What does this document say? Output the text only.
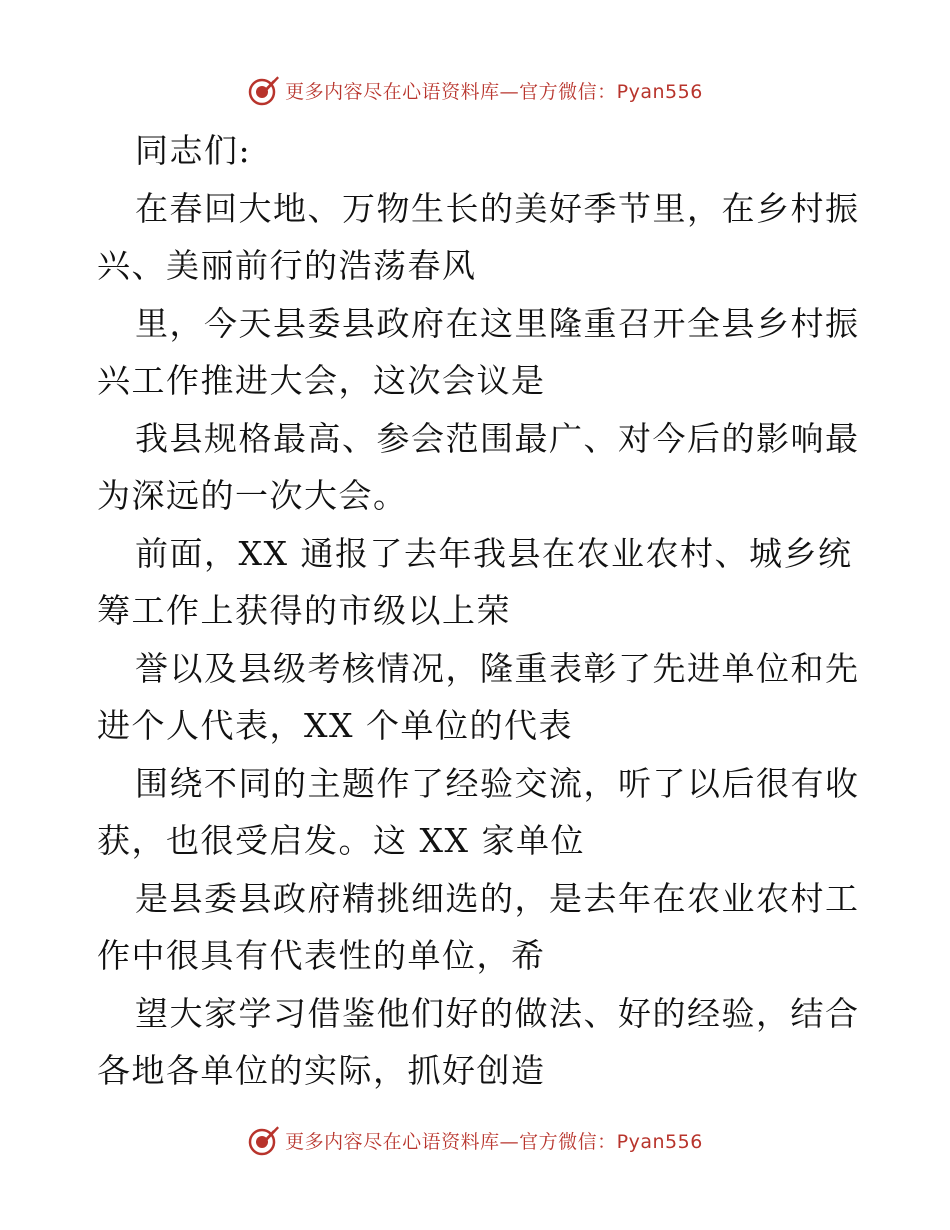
更多内容尽在心语资料库—官方微信：Pyan556
同志们:
在春回大地、万物生长的美好季节里，在乡村振
兴、美丽前行的浩荡春风
里，今天县委县政府在这里隆重召开全县乡村振
兴工作推进大会，这次会议是
我县规格最高、参会范围最广、对今后的影响最
为深远的一次大会。
前面，XX 通报了去年我县在农业农村、城乡统
筹工作上获得的市级以上荣
誉以及县级考核情况，隆重表彰了先进单位和先
进个人代表，XX 个单位的代表
围绕不同的主题作了经验交流，听了以后很有收
获，也很受启发。这 XX 家单位
是县委县政府精挑细选的，是去年在农业农村工
作中很具有代表性的单位，希
望大家学习借鉴他们好的做法、好的经验，结合
各地各单位的实际，抓好创造
更多内容尽在心语资料库—官方微信：Pyan556
